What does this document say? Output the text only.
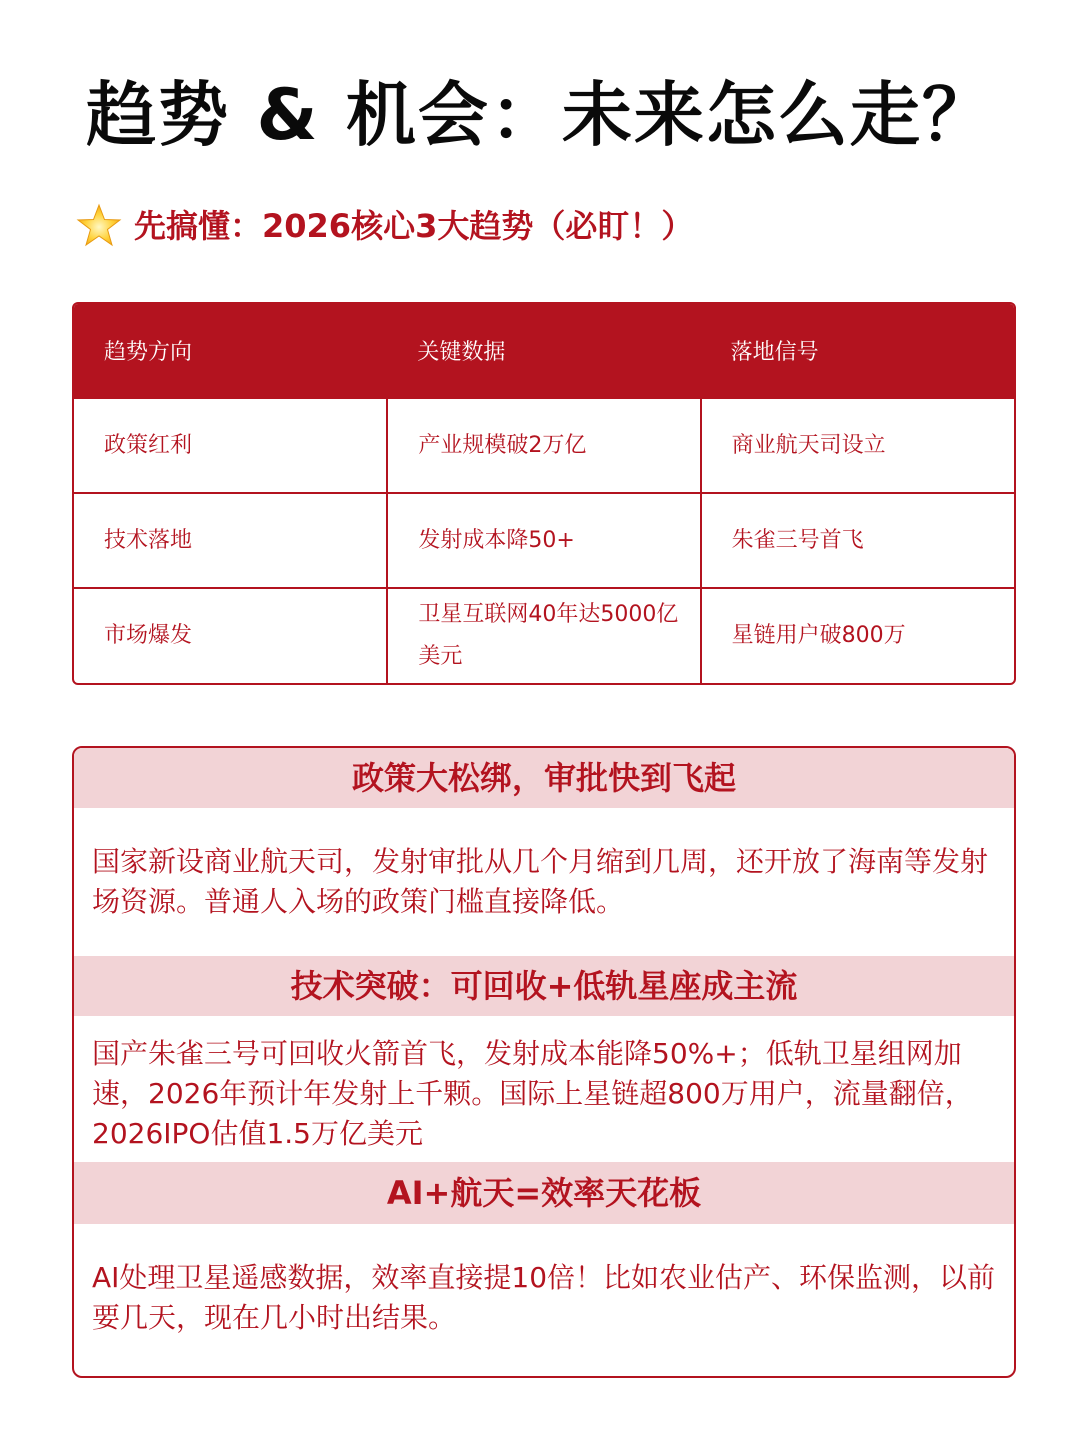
趋势 & 机会：未来怎么走？
先搞懂：2026核心3大趋势（必盯！）
趋势方向	关键数据	落地信号
政策红利	产业规模破2万亿	商业航天司设立
技术落地	发射成本降50+	朱雀三号首飞
市场爆发	卫星互联网40年达5000亿美元	星链用户破800万
政策大松绑，审批快到飞起
国家新设商业航天司，发射审批从几个月缩到几周，还开放了海南等发射场资源。普通人入场的政策门槛直接降低。
技术突破：可回收+低轨星座成主流
国产朱雀三号可回收火箭首飞，发射成本能降50%+；低轨卫星组网加速，2026年预计年发射上千颗。国际上星链超800万用户，流量翻倍，2026IPO估值1.5万亿美元
AI+航天=效率天花板
AI处理卫星遥感数据，效率直接提10倍！比如农业估产、环保监测，以前要几天，现在几小时出结果。
